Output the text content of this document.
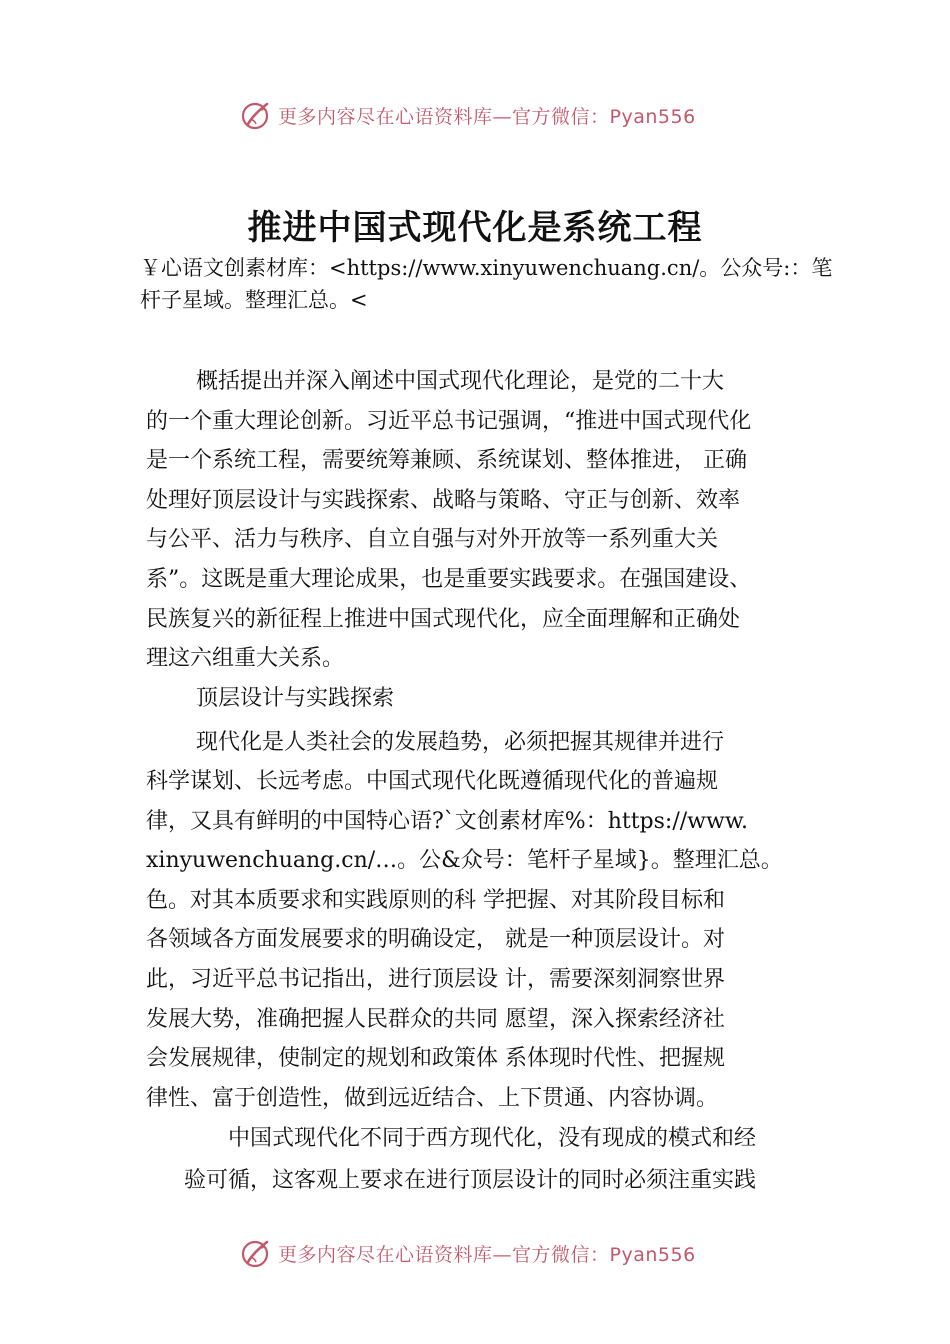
更多内容尽在心语资料库—官方微信：Pyan556
推进中国式现代化是系统工程
￥心语文创素材库：<https://www.xinyuwenchuang.cn/。公众号:：笔杆子星域。整理汇总。<
概括提出并深入阐述中国式现代化理论，是党的二十大
的一个重大理论创新。习近平总书记强调，“推进中国式现代化
是一个系统工程，需要统筹兼顾、系统谋划、整体推进， 正确
处理好顶层设计与实践探索、战略与策略、守正与创新、效率
与公平、活力与秩序、自立自强与对外开放等一系列重大关
系”。这既是重大理论成果，也是重要实践要求。在强国建设、
民族复兴的新征程上推进中国式现代化，应全面理解和正确处
理这六组重大关系。
顶层设计与实践探索
现代化是人类社会的发展趋势，必须把握其规律并进行
科学谋划、长远考虑。中国式现代化既遵循现代化的普遍规
律，又具有鲜明的中国特心语?`文创素材库%：https://www.
xinyuwenchuang.cn/…。公&众号：笔杆子星域}。整理汇总。
色。对其本质要求和实践原则的科 学把握、对其阶段目标和
各领域各方面发展要求的明确设定， 就是一种顶层设计。对
此，习近平总书记指出，进行顶层设 计，需要深刻洞察世界
发展大势，准确把握人民群众的共同 愿望，深入探索经济社
会发展规律，使制定的规划和政策体 系体现时代性、把握规
律性、富于创造性，做到远近结合、上下贯通、内容协调。
中国式现代化不同于西方现代化，没有现成的模式和经
验可循，这客观上要求在进行顶层设计的同时必须注重实践
更多内容尽在心语资料库—官方微信：Pyan556
